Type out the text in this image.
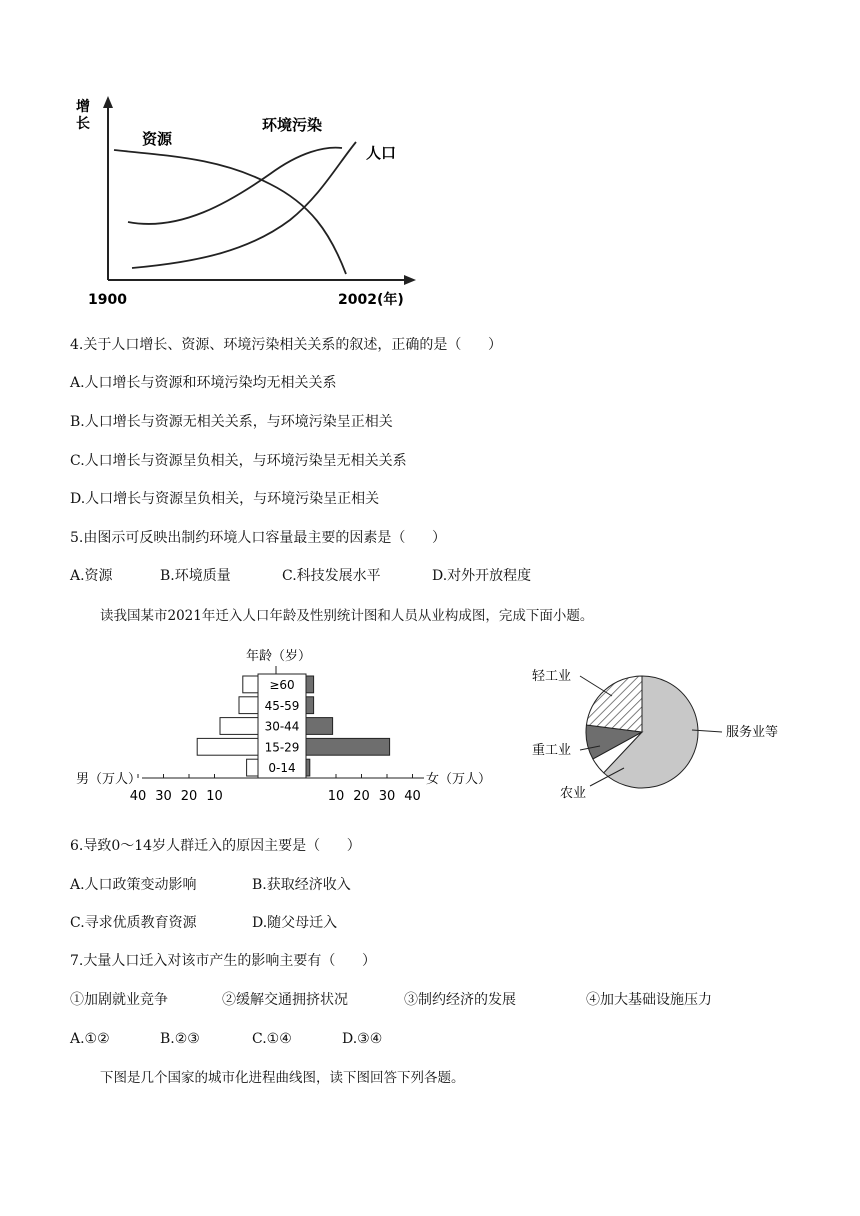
增
长
1900	2002(年)
资源
环境污染
人口
4.关于人口增长、资源、环境污染相关关系的叙述，正确的是（      ）
A.人口增长与资源和环境污染均无相关关系
B.人口增长与资源无相关关系，与环境污染呈正相关
C.人口增长与资源呈负相关，与环境污染呈无相关关系
D.人口增长与资源呈负相关，与环境污染呈正相关
5.由图示可反映出制约环境人口容量最主要的因素是（      ）
A.资源	B.环境质量	C.科技发展水平	D.对外开放程度
读我国某市2021年迁入人口年龄及性别统计图和人员从业构成图，完成下面小题。
年龄（岁）
≥60
45-59
30-44
15-29
0-14
男（万人）	女（万人）
40 30 20 10	10 20 30 40
轻工业
重工业
农业
服务业等
6.导致0～14岁人群迁入的原因主要是（      ）
A.人口政策变动影响	B.获取经济收入
C.寻求优质教育资源	D.随父母迁入
7.大量人口迁入对该市产生的影响主要有（      ）
①加剧就业竞争	②缓解交通拥挤状况	③制约经济的发展	④加大基础设施压力
A.①②	B.②③	C.①④	D.③④
下图是几个国家的城市化进程曲线图，读下图回答下列各题。
